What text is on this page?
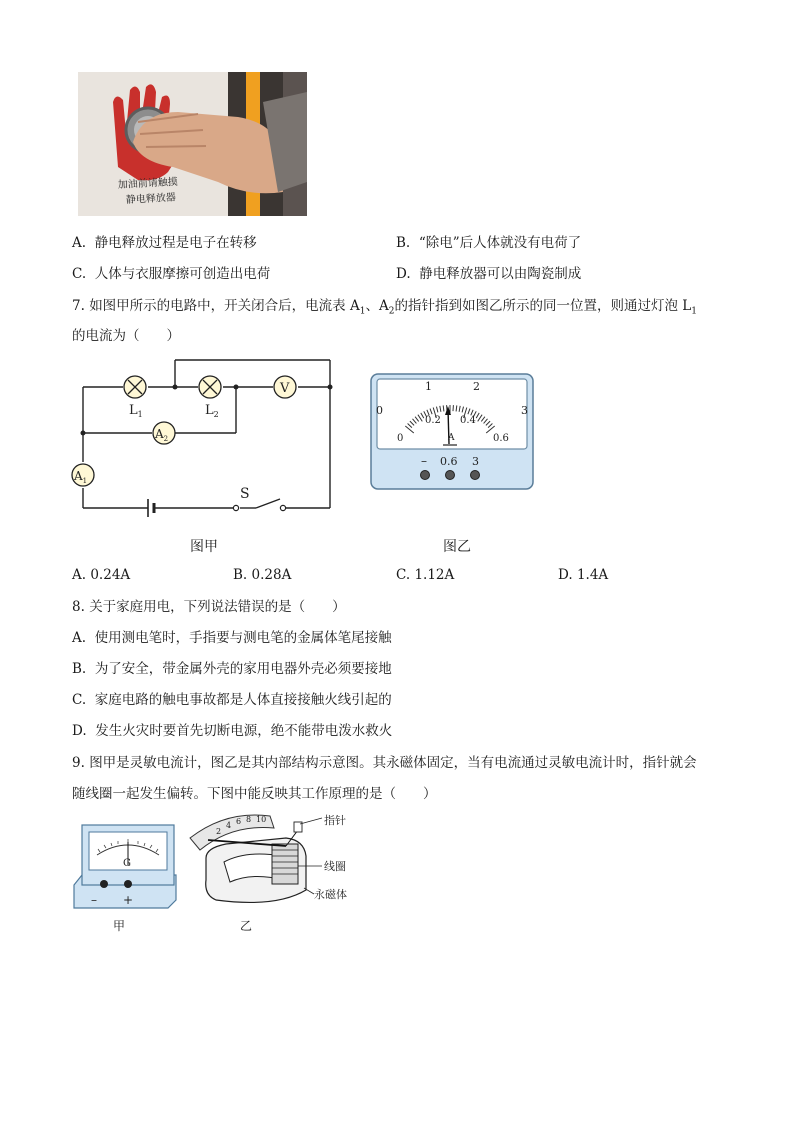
加油前请触摸
静电释放器
A. 静电释放过程是电子在转移	B. “除电”后人体就没有电荷了
C. 人体与衣服摩擦可创造出电荷	D. 静电释放器可以由陶瓷制成
7. 如图甲所示的电路中，开关闭合后，电流表 $A_1$、$A_2$的指针指到如图乙所示的同一位置，则通过灯泡 $L_1$
的电流为（　　）
S
$L_1$	$L_2$
V
$A_2$
$A_1$
0
1	2
3
0
0.2 0.4
0.6
A
– 0.6 3
图甲	图乙
A. 0.24A	B. 0.28A	C. 1.12A	D. 1.4A
8. 关于家庭用电，下列说法错误的是（　　）
A. 使用测电笔时，手指要与测电笔的金属体笔尾接触
B. 为了安全，带金属外壳的家用电器外壳必须要接地
C. 家庭电路的触电事故都是人体直接接触火线引起的
D. 发生火灾时要首先切断电源，绝不能带电泼水救火
9. 图甲是灵敏电流计，图乙是其内部结构示意图。其永磁体固定，当有电流通过灵敏电流计时，指针就会
随线圈一起发生偏转。下图中能反映其工作原理的是（　　）
G
– +
甲
2
4 6 8 10	指针
线圈
永磁体
乙
